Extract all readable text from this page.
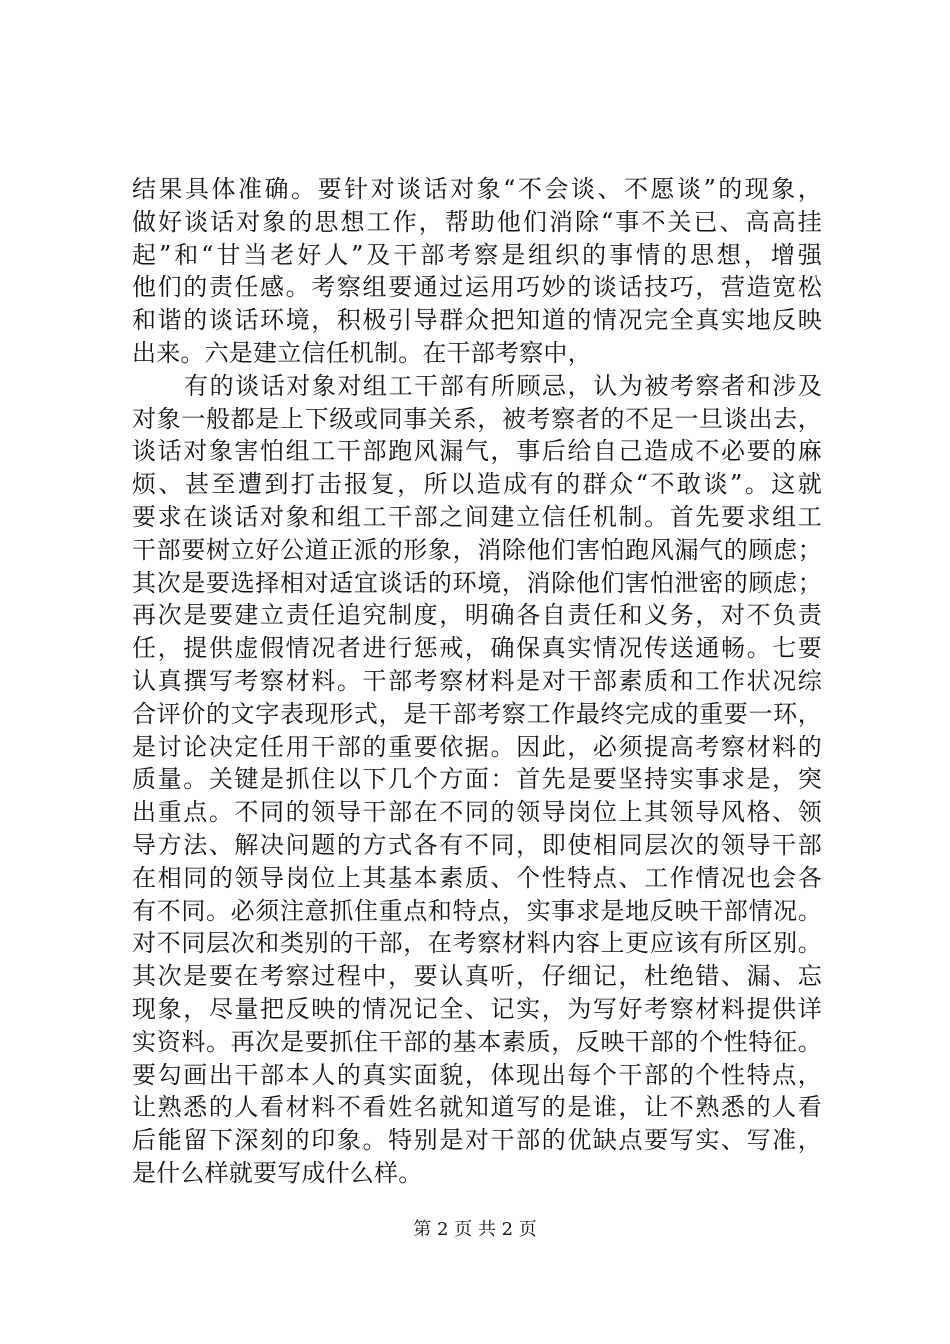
结果具体准确。要针对谈话对象“不会谈、不愿谈”的现象，
做好谈话对象的思想工作，帮助他们消除“事不关已、高高挂
起”和“甘当老好人”及干部考察是组织的事情的思想，增强
他们的责任感。考察组要通过运用巧妙的谈话技巧，营造宽松
和谐的谈话环境，积极引导群众把知道的情况完全真实地反映
出来。六是建立信任机制。在干部考察中，
有的谈话对象对组工干部有所顾忌，认为被考察者和涉及
对象一般都是上下级或同事关系，被考察者的不足一旦谈出去，
谈话对象害怕组工干部跑风漏气，事后给自己造成不必要的麻
烦、甚至遭到打击报复，所以造成有的群众“不敢谈”。这就
要求在谈话对象和组工干部之间建立信任机制。首先要求组工
干部要树立好公道正派的形象，消除他们害怕跑风漏气的顾虑；
其次是要选择相对适宜谈话的环境，消除他们害怕泄密的顾虑；
再次是要建立责任追究制度，明确各自责任和义务，对不负责
任，提供虚假情况者进行惩戒，确保真实情况传送通畅。七要
认真撰写考察材料。干部考察材料是对干部素质和工作状况综
合评价的文字表现形式，是干部考察工作最终完成的重要一环，
是讨论决定任用干部的重要依据。因此，必须提高考察材料的
质量。关键是抓住以下几个方面：首先是要坚持实事求是，突
出重点。不同的领导干部在不同的领导岗位上其领导风格、领
导方法、解决问题的方式各有不同，即使相同层次的领导干部
在相同的领导岗位上其基本素质、个性特点、工作情况也会各
有不同。必须注意抓住重点和特点，实事求是地反映干部情况。
对不同层次和类别的干部，在考察材料内容上更应该有所区别。
其次是要在考察过程中，要认真听，仔细记，杜绝错、漏、忘
现象，尽量把反映的情况记全、记实，为写好考察材料提供详
实资料。再次是要抓住干部的基本素质，反映干部的个性特征。
要勾画出干部本人的真实面貌，体现出每个干部的个性特点，
让熟悉的人看材料不看姓名就知道写的是谁，让不熟悉的人看
后能留下深刻的印象。特别是对干部的优缺点要写实、写准，
是什么样就要写成什么样。
第 2 页 共 2 页
